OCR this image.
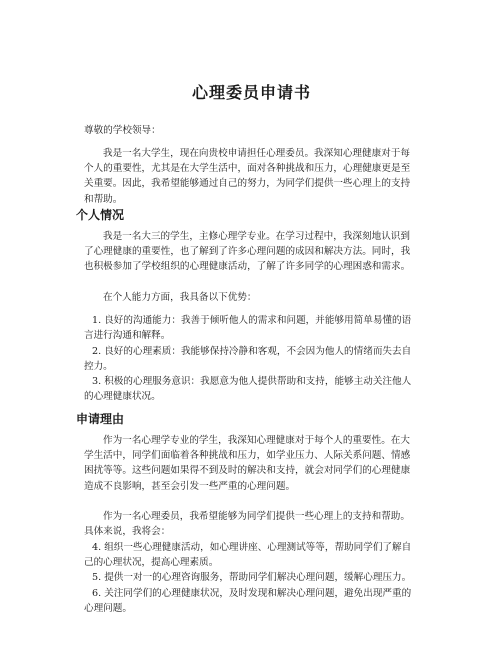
心理委员申请书

尊敬的学校领导：

我是一名大学生，现在向贵校申请担任心理委员。我深知心理健康对于每个人的重要性，尤其是在大学生活中，面对各种挑战和压力，心理健康更是至关重要。因此，我希望能够通过自己的努力，为同学们提供一些心理上的支持和帮助。

个人情况

我是一名大三的学生，主修心理学专业。在学习过程中，我深刻地认识到了心理健康的重要性，也了解到了许多心理问题的成因和解决方法。同时，我也积极参加了学校组织的心理健康活动，了解了许多同学的心理困惑和需求。

在个人能力方面，我具备以下优势：

1. 良好的沟通能力：我善于倾听他人的需求和问题，并能够用简单易懂的语言进行沟通和解释。

2. 良好的心理素质：我能够保持冷静和客观，不会因为他人的情绪而失去自控力。

3. 积极的心理服务意识：我愿意为他人提供帮助和支持，能够主动关注他人的心理健康状况。

申请理由

作为一名心理学专业的学生，我深知心理健康对于每个人的重要性。在大学生活中，同学们面临着各种挑战和压力，如学业压力、人际关系问题、情感困扰等等。这些问题如果得不到及时的解决和支持，就会对同学们的心理健康造成不良影响，甚至会引发一些严重的心理问题。

作为一名心理委员，我希望能够为同学们提供一些心理上的支持和帮助。具体来说，我将会：

4. 组织一些心理健康活动，如心理讲座、心理测试等等，帮助同学们了解自己的心理状况，提高心理素质。

5. 提供一对一的心理咨询服务，帮助同学们解决心理问题，缓解心理压力。

6. 关注同学们的心理健康状况，及时发现和解决心理问题，避免出现严重的心理问题。
